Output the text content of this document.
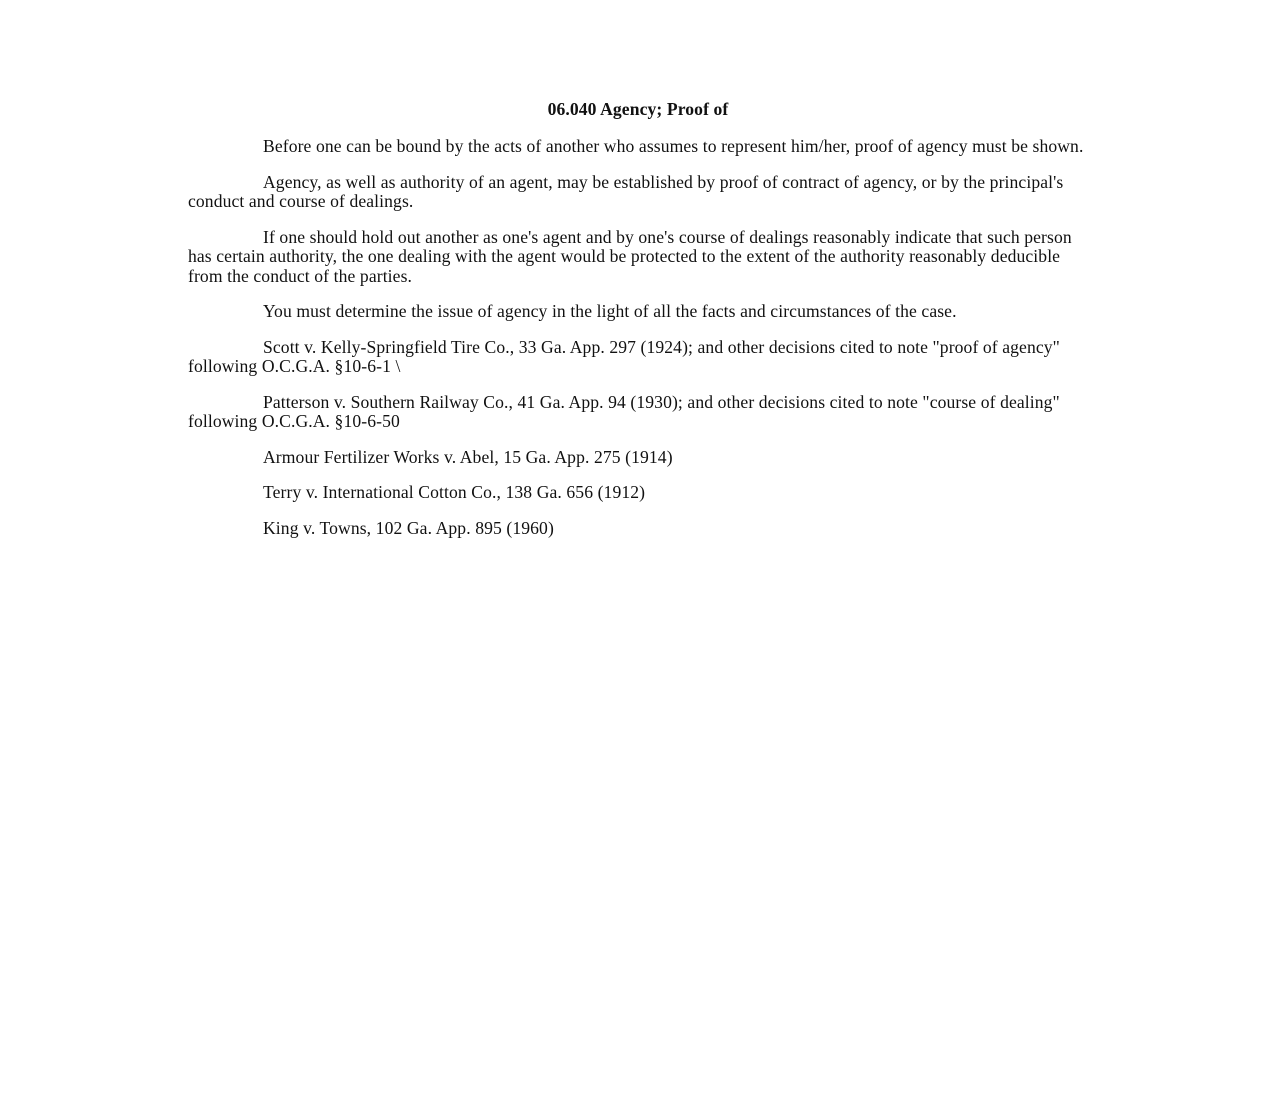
06.040 Agency; Proof of

Before one can be bound by the acts of another who assumes to represent him/her, proof of agency must be shown.

Agency, as well as authority of an agent, may be established by proof of contract of agency, or by the principal's conduct and course of dealings.

If one should hold out another as one's agent and by one's course of dealings reasonably indicate that such person has certain authority, the one dealing with the agent would be protected to the extent of the authority reasonably deducible from the conduct of the parties.

You must determine the issue of agency in the light of all the facts and circumstances of the case.

Scott v. Kelly-Springfield Tire Co., 33 Ga. App. 297 (1924); and other decisions cited to note "proof of agency" following O.C.G.A. §10-6-1 \

Patterson v. Southern Railway Co., 41 Ga. App. 94 (1930); and other decisions cited to note "course of dealing" following O.C.G.A. §10-6-50

Armour Fertilizer Works v. Abel, 15 Ga. App. 275 (1914)

Terry v. International Cotton Co., 138 Ga. 656 (1912)

King v. Towns, 102 Ga. App. 895 (1960)
